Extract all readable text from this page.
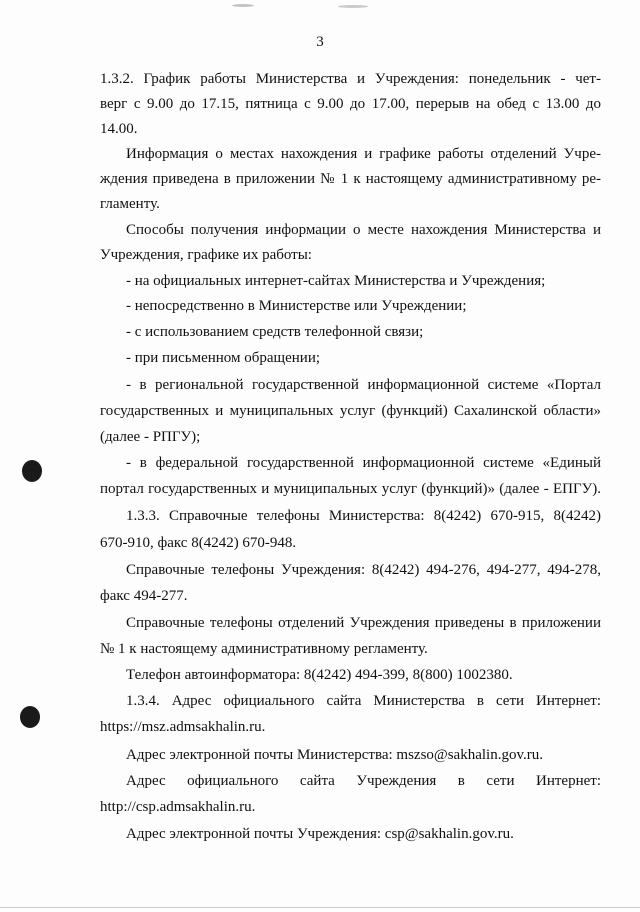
3
1.3.2. График работы Министерства и Учреждения: понедельник - чет-
верг с 9.00 до 17.15, пятница с 9.00 до 17.00, перерыв на обед с 13.00 до
14.00.
Информация о местах нахождения и графике работы отделений Учре-
ждения приведена в приложении № 1 к настоящему административному ре-
гламенту.
Способы получения информации о месте нахождения Министерства и
Учреждения, графике их работы:
- на официальных интернет-сайтах Министерства и Учреждения;
- непосредственно в Министерстве или Учреждении;
- с использованием средств телефонной связи;
- при письменном обращении;
- в региональной государственной информационной системе «Портал
государственных и муниципальных услуг (функций) Сахалинской области»
(далее - РПГУ);
- в федеральной государственной информационной системе «Единый
портал государственных и муниципальных услуг (функций)» (далее - ЕПГУ).
1.3.3. Справочные телефоны Министерства: 8(4242) 670-915, 8(4242)
670-910, факс 8(4242) 670-948.
Справочные телефоны Учреждения: 8(4242) 494-276, 494-277, 494-278,
факс 494-277.
Справочные телефоны отделений Учреждения приведены в приложении
№ 1 к настоящему административному регламенту.
Телефон автоинформатора: 8(4242) 494-399, 8(800) 1002380.
1.3.4. Адрес официального сайта Министерства в сети Интернет:
https://msz.admsakhalin.ru.
Адрес электронной почты Министерства: mszso@sakhalin.gov.ru.
Адрес официального сайта Учреждения в сети Интернет:
http://csp.admsakhalin.ru.
Адрес электронной почты Учреждения: csp@sakhalin.gov.ru.
